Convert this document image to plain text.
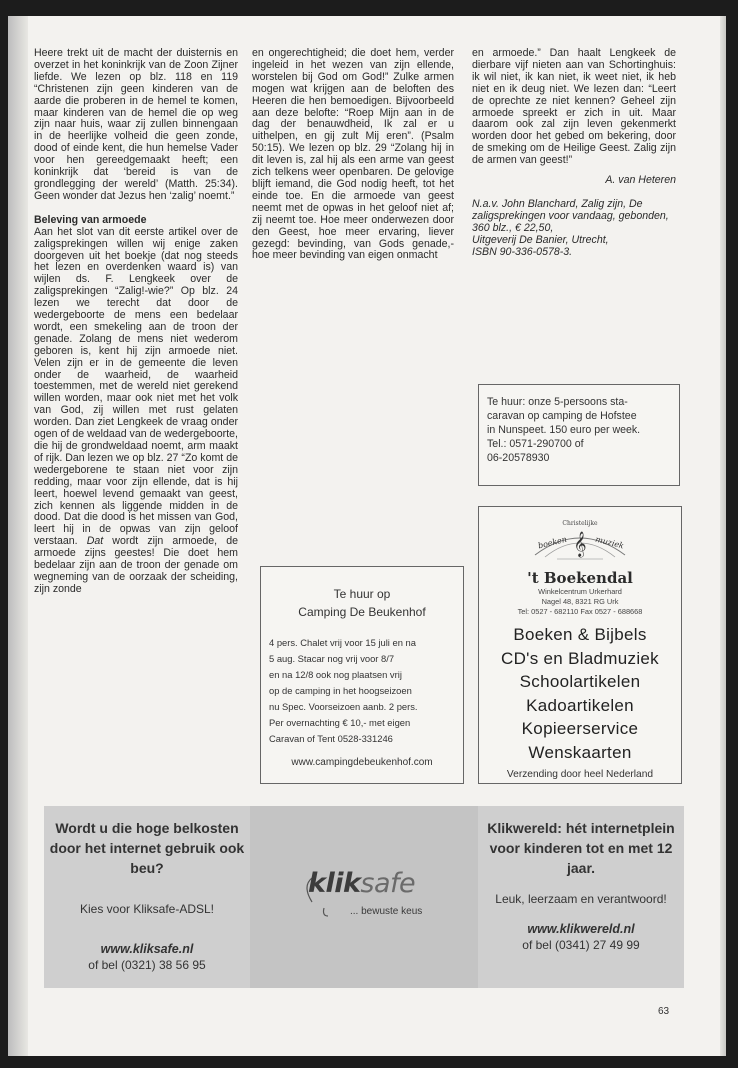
Heere trekt uit de macht der duisternis en overzet in het koninkrijk van de Zoon Zijner liefde. We lezen op blz. 118 en 119 “Christenen zijn geen kinderen van de aarde die proberen in de hemel te komen, maar kinderen van de hemel die op weg zijn naar huis, waar zij zullen binnengaan in de heerlijke volheid die geen zonde, dood of einde kent, die hun hemelse Vader voor hen gereedgemaakt heeft; een koninkrijk dat ‘bereid is van de grondlegging der wereld’ (Matth. 25:34). Geen wonder dat Jezus hen ‘zalig’ noemt.”

Beleving van armoede

Aan het slot van dit eerste artikel over de zaligsprekingen willen wij enige zaken doorgeven uit het boekje (dat nog steeds het lezen en overdenken waard is) van wijlen ds. F. Lengkeek over de zaligsprekingen “Zalig!-wie?” Op blz. 24 lezen we terecht dat door de wedergeboorte de mens een bedelaar wordt, een smekeling aan de troon der genade. Zolang de mens niet wederom geboren is, kent hij zijn armoede niet. Velen zijn er in de gemeente die leven onder de waarheid, de waarheid toestemmen, met de wereld niet gerekend willen worden, maar ook niet met het volk van God, zij willen met rust gelaten worden. Dan ziet Lengkeek de vraag onder ogen of de weldaad van de wedergeboorte, die hij de grondweldaad noemt, arm maakt of rijk. Dan lezen we op blz. 27 “Zo komt de wedergeborene te staan niet voor zijn redding, maar voor zijn ellende, dat is hij leert, hoewel levend gemaakt van geest, zich kennen als liggende midden in de dood. Dat die dood is het missen van God, leert hij in de opwas van zijn geloof verstaan. Dat wordt zijn armoede, de armoede zijns geestes! Die doet hem bedelaar zijn aan de troon der genade om wegneming van de oorzaak der scheiding, zijn zonde

en ongerechtigheid; die doet hem, verder ingeleid in het wezen van zijn ellende, worstelen bij God om God!” Zulke armen mogen wat krijgen aan de beloften des Heeren die hen bemoedigen. Bijvoorbeeld aan deze belofte: “Roep Mijn aan in de dag der benauwdheid, Ik zal er u uithelpen, en gij zult Mij eren”. (Psalm 50:15). We lezen op blz. 29 “Zolang hij in dit leven is, zal hij als een arme van geest zich telkens weer openbaren. De gelovige blijft iemand, die God nodig heeft, tot het einde toe. En die armoede van geest neemt met de opwas in het geloof niet af; zij neemt toe. Hoe meer onderwezen door den Geest, hoe meer ervaring, liever gezegd: bevinding, van Gods genade,- hoe meer bevinding van eigen onmacht

en armoede.” Dan haalt Lengkeek de dierbare vijf nieten aan van Schortinghuis: ik wil niet, ik kan niet, ik weet niet, ik heb niet en ik deug niet. We lezen dan: “Leert de oprechte ze niet kennen? Geheel zijn armoede spreekt er zich in uit. Maar daarom ook zal zijn leven gekenmerkt worden door het gebed om bekering, door de smeking om de Heilige Geest. Zalig zijn de armen van geest!”

A. van Heteren

N.a.v. John Blanchard, Zalig zijn, De zaligsprekingen voor vandaag, gebonden, 360 blz., € 22,50,
Uitgeverij De Banier, Utrecht,
ISBN 90-336-0578-3.

Te huur: onze 5-persoons sta-
caravan op camping de Hofstee
in Nunspeet. 150 euro per week.
Tel.: 0571-290700 of
06-20578930
Te huur op
Camping De Beukenhof
4 pers. Chalet vrij voor 15 juli en na
5 aug. Stacar nog vrij voor 8/7
en na 12/8 ook nog plaatsen vrij
op de camping in het hoogseizoen
nu Spec. Voorseizoen aanb. 2 pers.
Per overnachting € 10,- met eigen
Caravan of Tent 0528-331246
www.campingdebeukenhof.com
Christelijke
boeken	muziek
𝄞
't Boekendal
Winkelcentrum Urkerhard
Nagel 48, 8321 RG Urk
Tel: 0527 - 682110 Fax 0527 - 688668
Boeken & Bijbels
CD's en Bladmuziek
Schoolartikelen
Kadoartikelen
Kopieerservice
Wenskaarten
Verzending door heel Nederland
Wordt u die hoge belkosten door het internet gebruik ook beu?
Kies voor Kliksafe-ADSL!
www.kliksafe.nl
of bel (0321) 38 56 95
kliksafe
... bewuste keus
Klikwereld: hét internetplein voor kinderen tot en met 12 jaar.
Leuk, leerzaam en verantwoord!
www.klikwereld.nl
of bel (0341) 27 49 99
63
